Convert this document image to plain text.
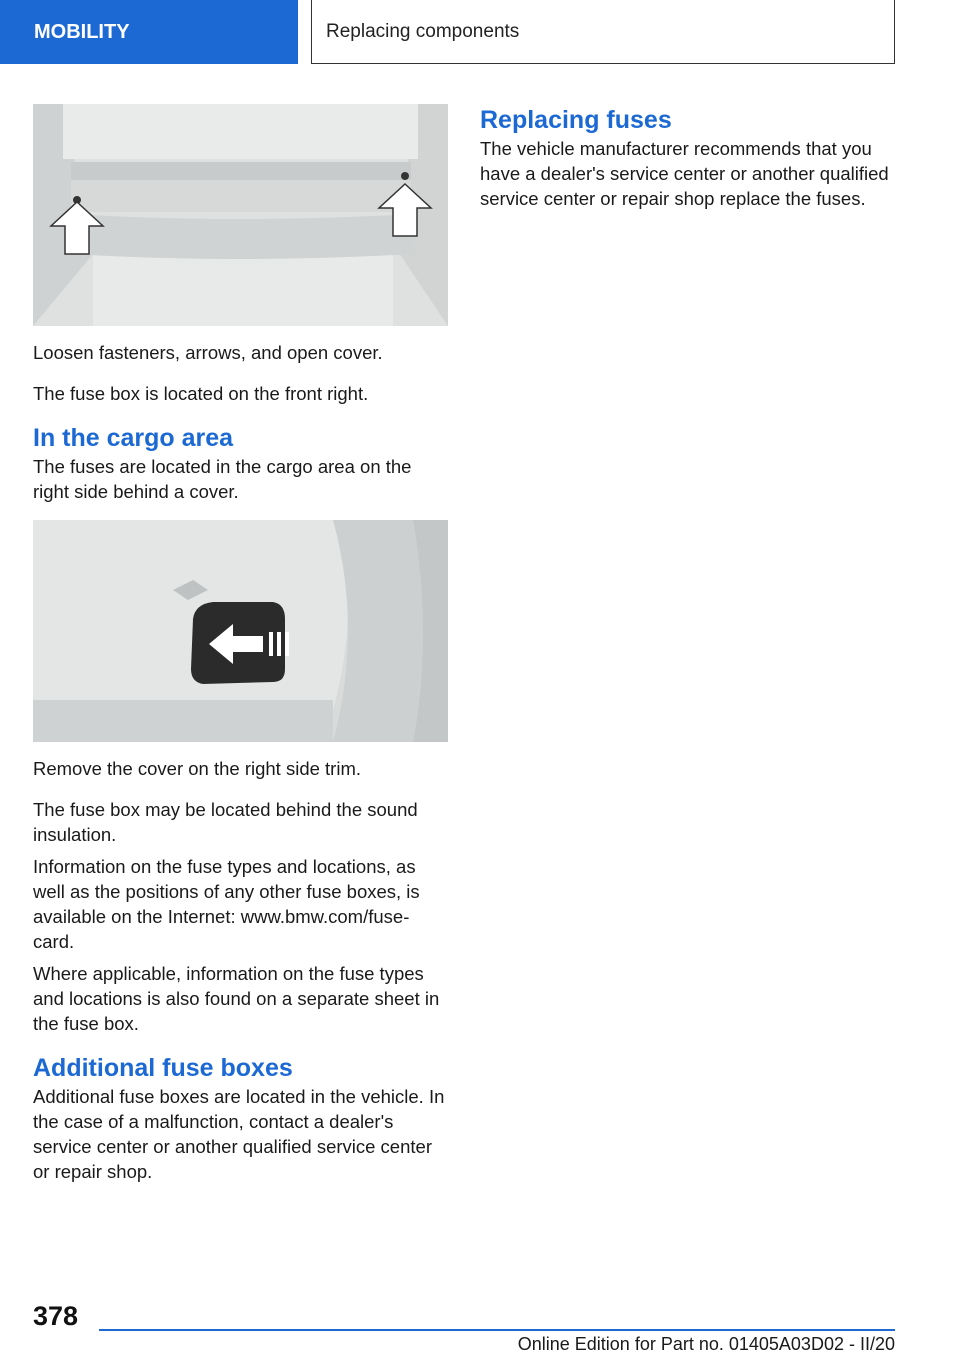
MOBILITY	Replacing components

Loosen fasteners, arrows, and open cover.

The fuse box is located on the front right.

In the cargo area

The fuses are located in the cargo area on the right side behind a cover.

Remove the cover on the right side trim.

The fuse box may be located behind the sound insulation.

Information on the fuse types and locations, as well as the positions of any other fuse boxes, is available on the Internet: www.bmw.com/fuse-card.

Where applicable, information on the fuse types and locations is also found on a separate sheet in the fuse box.

Additional fuse boxes

Additional fuse boxes are located in the vehicle. In the case of a malfunction, contact a dealer's service center or another qualified service center or repair shop.

Replacing fuses

The vehicle manufacturer recommends that you have a dealer's service center or another qualified service center or repair shop replace the fuses.

378
Online Edition for Part no. 01405A03D02 - II/20
